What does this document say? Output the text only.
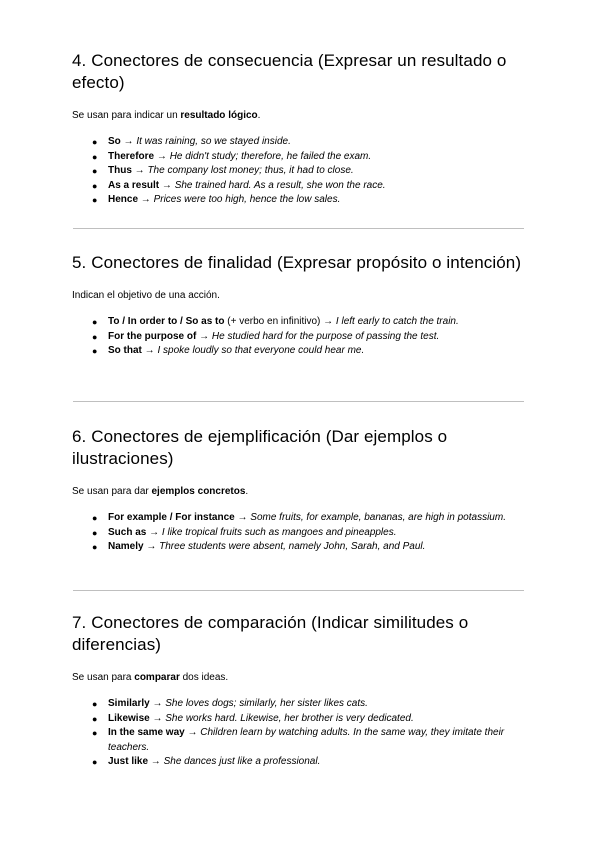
4. Conectores de consecuencia (Expresar un resultado o efecto)

Se usan para indicar un resultado lógico.

● So → It was raining, so we stayed inside.
● Therefore → He didn't study; therefore, he failed the exam.
● Thus → The company lost money; thus, it had to close.
● As a result → She trained hard. As a result, she won the race.
● Hence → Prices were too high, hence the low sales.
5. Conectores de finalidad (Expresar propósito o intención)

Indican el objetivo de una acción.

● To / In order to / So as to (+ verbo en infinitivo) → I left early to catch the train.
● For the purpose of → He studied hard for the purpose of passing the test.
● So that → I spoke loudly so that everyone could hear me.
6. Conectores de ejemplificación (Dar ejemplos o ilustraciones)

Se usan para dar ejemplos concretos.

● For example / For instance → Some fruits, for example, bananas, are high in potassium.
● Such as → I like tropical fruits such as mangoes and pineapples.
● Namely → Three students were absent, namely John, Sarah, and Paul.
7. Conectores de comparación (Indicar similitudes o diferencias)

Se usan para comparar dos ideas.

● Similarly → She loves dogs; similarly, her sister likes cats.
● Likewise → She works hard. Likewise, her brother is very dedicated.
● In the same way → Children learn by watching adults. In the same way, they imitate their teachers.
● Just like → She dances just like a professional.
